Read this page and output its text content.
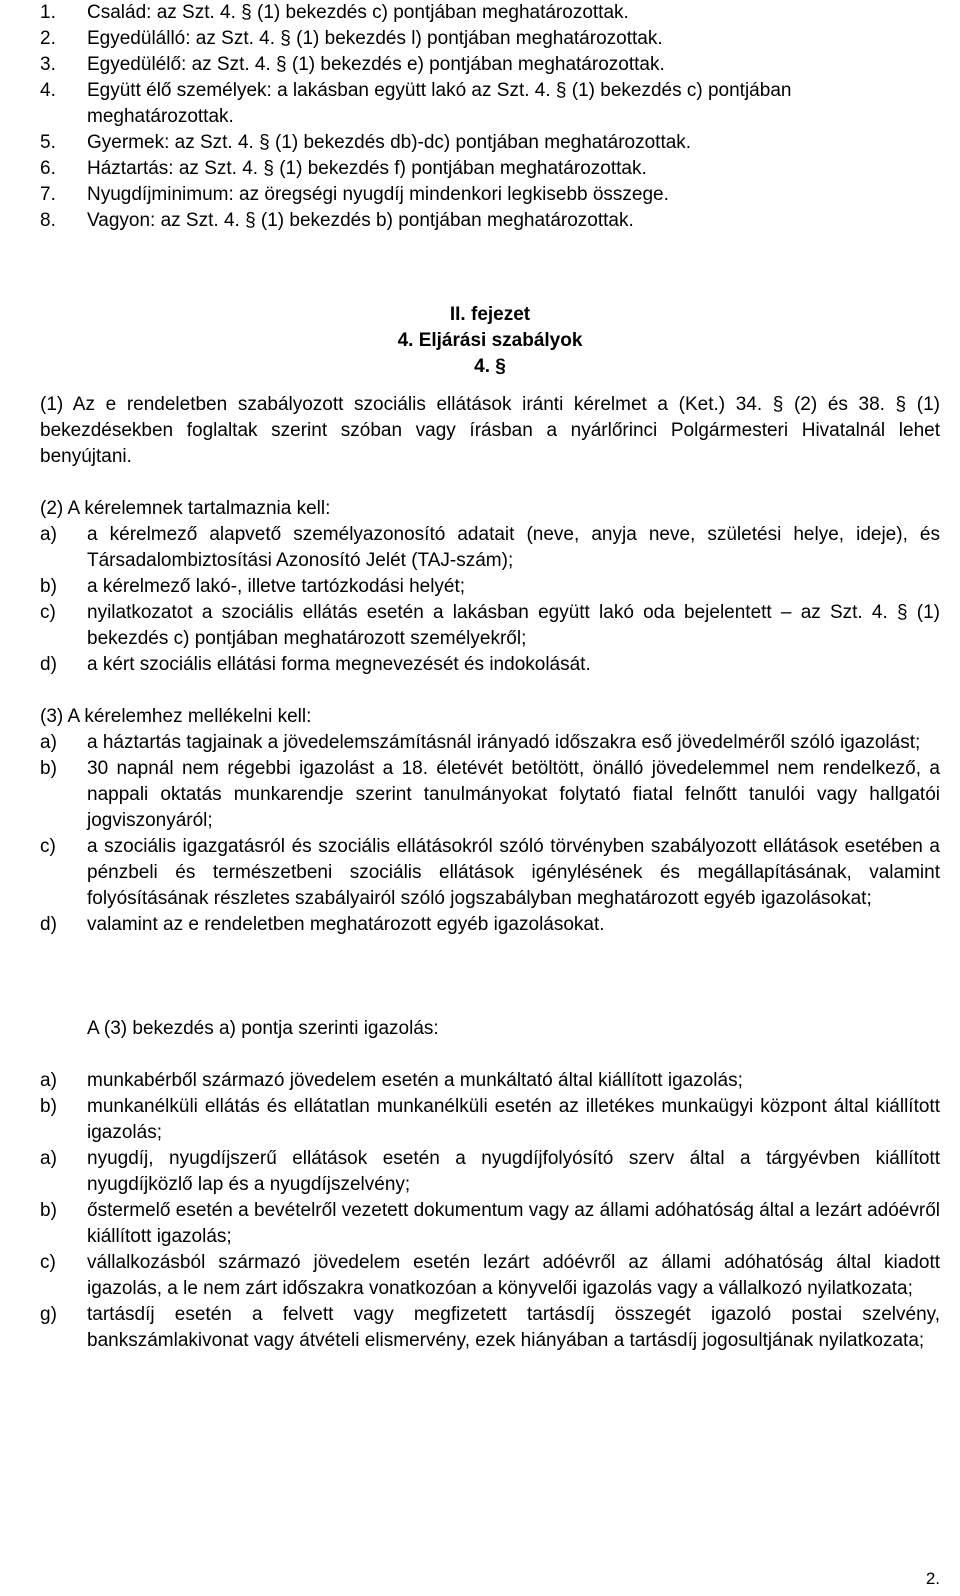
1.	Család: az Szt. 4. § (1) bekezdés c) pontjában meghatározottak.
2.	Egyedülálló: az Szt. 4. § (1) bekezdés l) pontjában meghatározottak.
3.	Egyedülélő: az Szt. 4. § (1) bekezdés e) pontjában meghatározottak.
4.	Együtt élő személyek: a lakásban együtt lakó az Szt. 4. § (1) bekezdés c) pontjában meghatározottak.
5.	Gyermek: az Szt. 4. § (1) bekezdés db)-dc) pontjában meghatározottak.
6.	Háztartás: az Szt. 4. § (1) bekezdés f) pontjában meghatározottak.
7.	Nyugdíjminimum: az öregségi nyugdíj mindenkori legkisebb összege.
8.	Vagyon: az Szt. 4. § (1) bekezdés b) pontjában meghatározottak.
II. fejezet
4. Eljárási szabályok
4. §

(1) Az e rendeletben szabályozott szociális ellátások iránti kérelmet a (Ket.) 34. § (2) és 38. § (1) bekezdésekben foglaltak szerint szóban vagy írásban a nyárlőrinci Polgármesteri Hivatalnál lehet benyújtani.

(2) A kérelemnek tartalmaznia kell:

a)	a kérelmező alapvető személyazonosító adatait (neve, anyja neve, születési helye, ideje), és Társadalombiztosítási Azonosító Jelét (TAJ-szám);
b)	a kérelmező lakó-, illetve tartózkodási helyét;
c)	nyilatkozatot a szociális ellátás esetén a lakásban együtt lakó oda bejelentett – az Szt. 4. § (1) bekezdés c) pontjában meghatározott személyekről;
d)	a kért szociális ellátási forma megnevezését és indokolását.

(3) A kérelemhez mellékelni kell:

a)	a háztartás tagjainak a jövedelemszámításnál irányadó időszakra eső jövedelméről szóló igazolást;
b)	30 napnál nem régebbi igazolást a 18. életévét betöltött, önálló jövedelemmel nem rendelkező, a nappali oktatás munkarendje szerint tanulmányokat folytató fiatal felnőtt tanulói vagy hallgatói jogviszonyáról;
c)	a szociális igazgatásról és szociális ellátásokról szóló törvényben szabályozott ellátások esetében a pénzbeli és természetbeni szociális ellátások igénylésének és megállapításának, valamint folyósításának részletes szabályairól szóló jogszabályban meghatározott egyéb igazolásokat;
d)	valamint az e rendeletben meghatározott egyéb igazolásokat.

A (3) bekezdés a) pontja szerinti igazolás:

a)	munkabérből származó jövedelem esetén a munkáltató által kiállított igazolás;
b)	munkanélküli ellátás és ellátatlan munkanélküli esetén az illetékes munkaügyi központ által kiállított igazolás;
a)	nyugdíj, nyugdíjszerű ellátások esetén a nyugdíjfolyósító szerv által a tárgyévben kiállított nyugdíjközlő lap és a nyugdíjszelvény;
b)	őstermelő esetén a bevételről vezetett dokumentum vagy az állami adóhatóság által a lezárt adóévről kiállított igazolás;
c)	vállalkozásból származó jövedelem esetén lezárt adóévről az állami adóhatóság által kiadott igazolás, a le nem zárt időszakra vonatkozóan a könyvelői igazolás vagy a vállalkozó nyilatkozata;
g)	tartásdíj esetén a felvett vagy megfizetett tartásdíj összegét igazoló postai szelvény, bankszámlakivonat vagy átvételi elismervény, ezek hiányában a tartásdíj jogosultjának nyilatkozata;
2.
